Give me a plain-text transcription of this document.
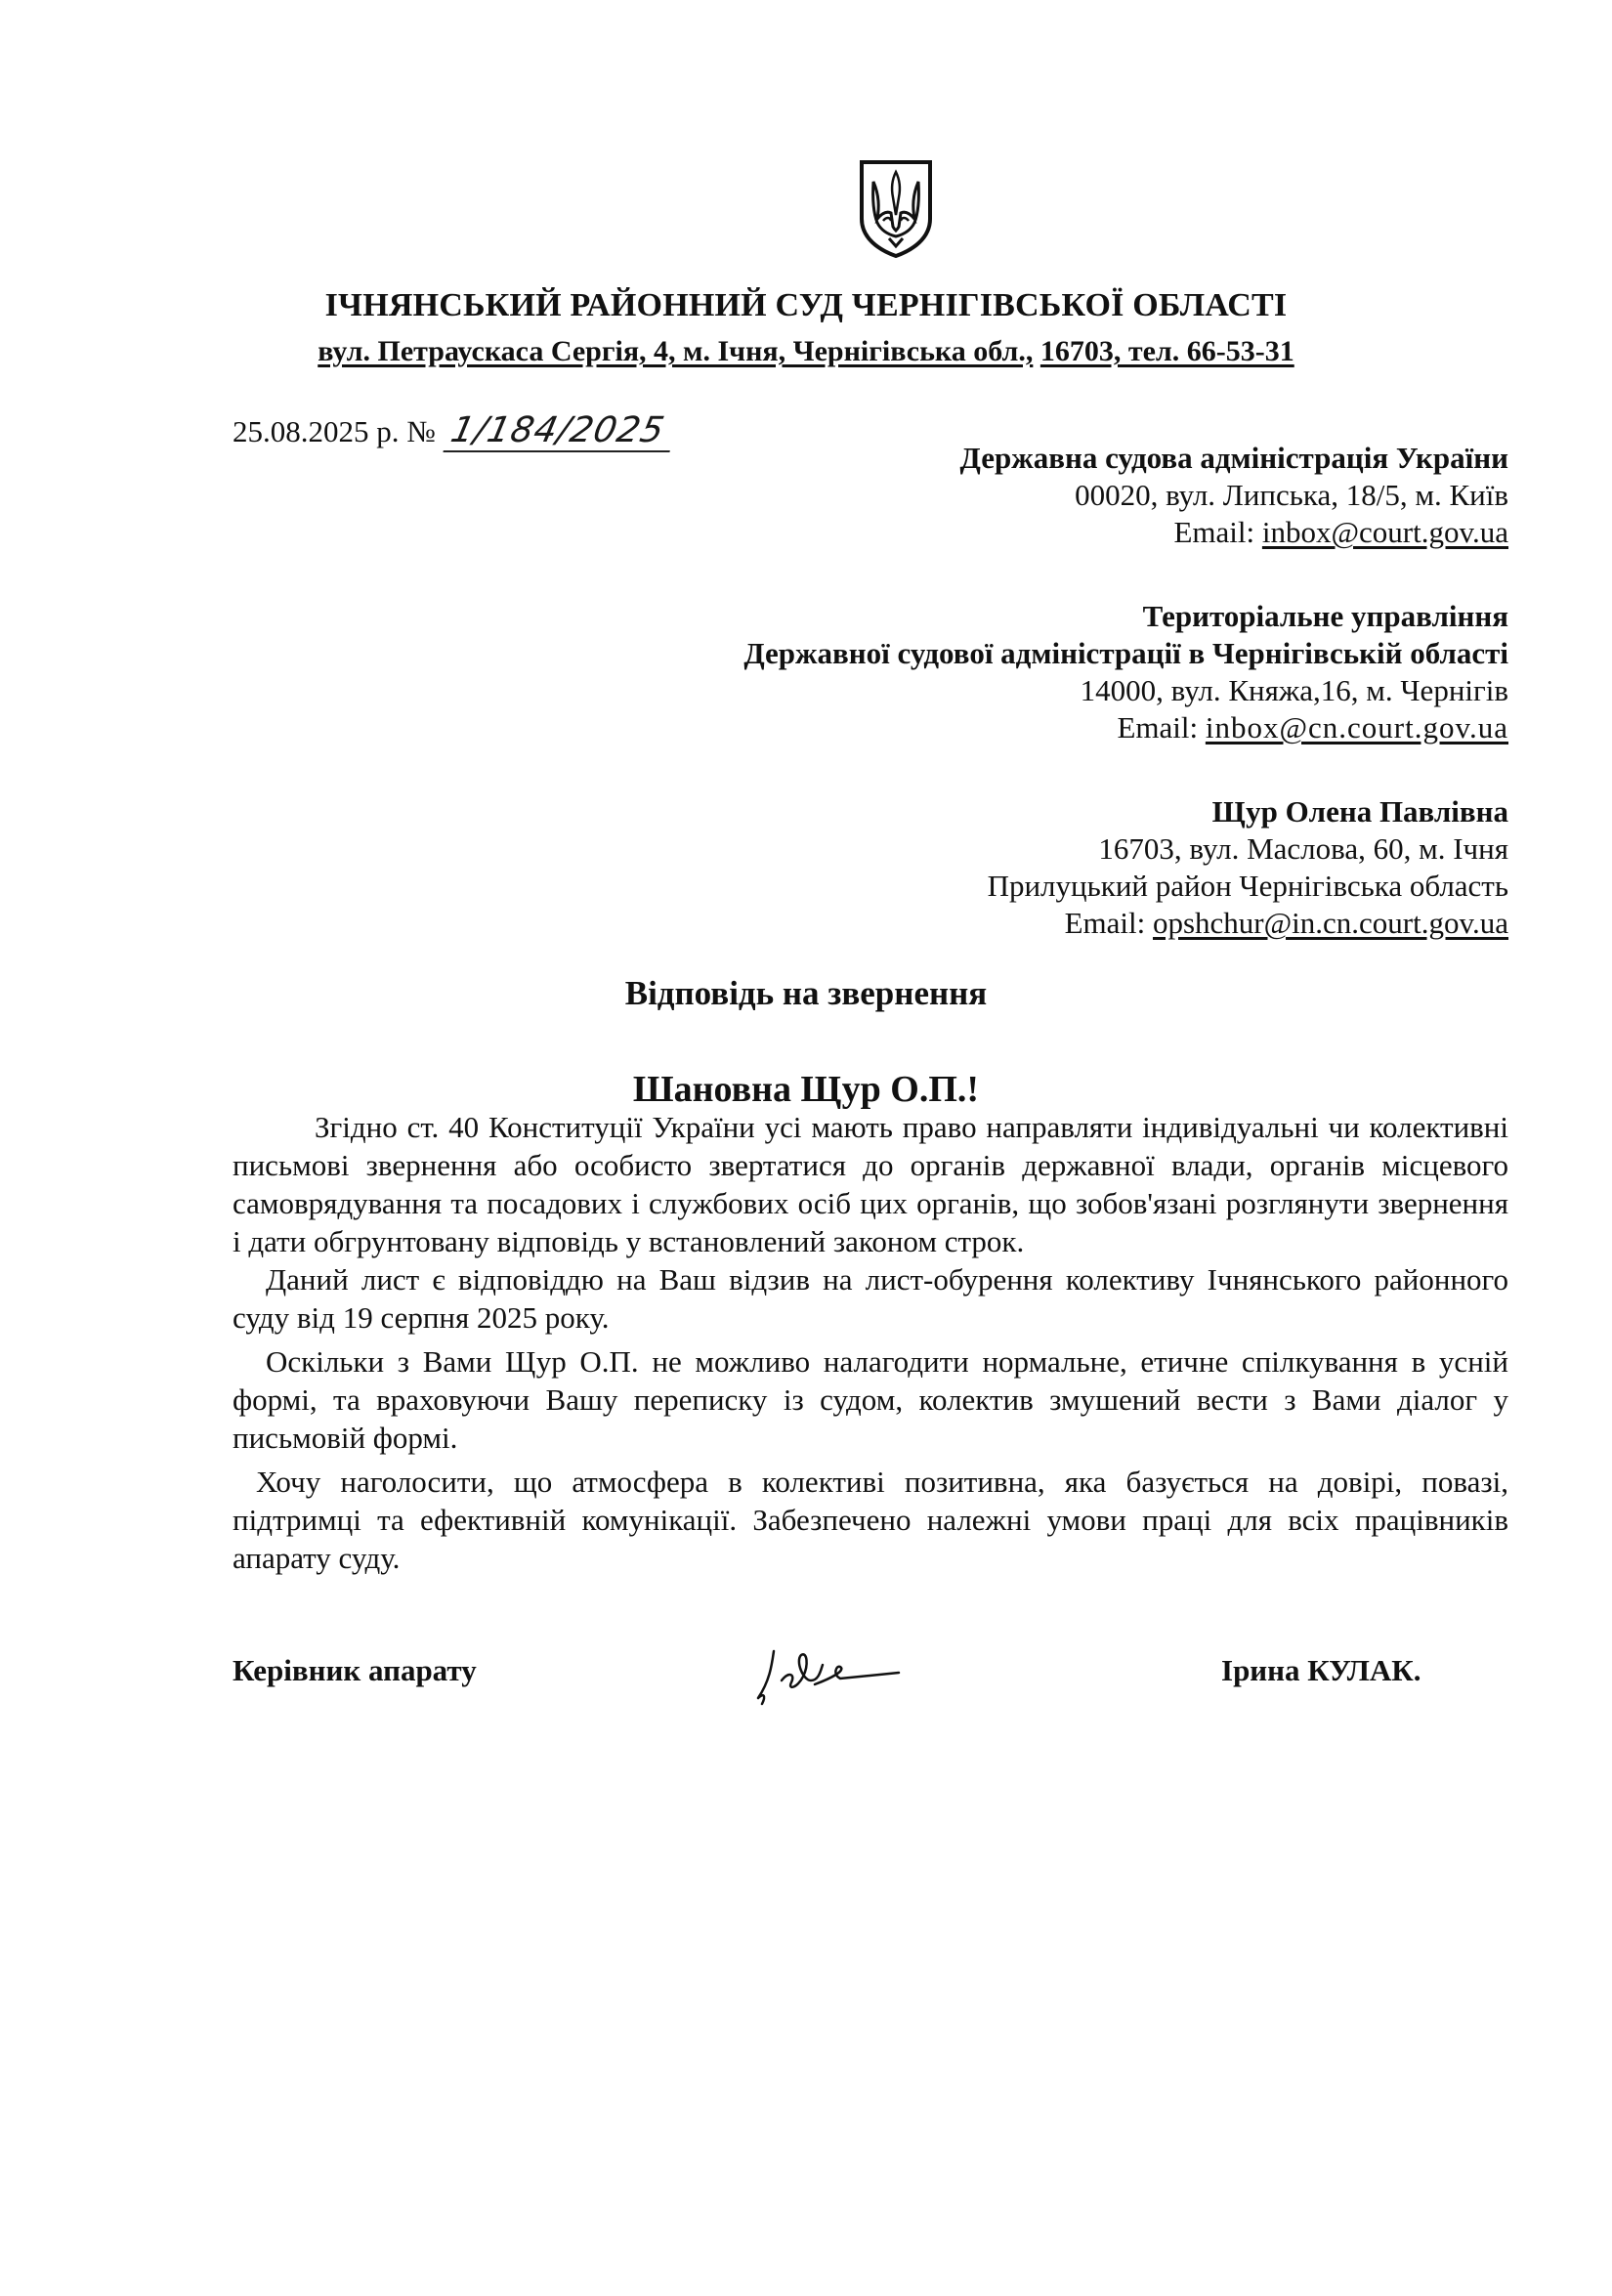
ІЧНЯНСЬКИЙ РАЙОННИЙ СУД ЧЕРНІГІВСЬКОЇ ОБЛАСТІ
вул. Петраускаса Сергія, 4, м. Ічня, Чернігівська обл., 16703, тел. 66-53-31
25.08.2025 р. № 1/184/2025
Державна судова адміністрація України
00020, вул. Липська, 18/5, м. Київ
Email: inbox@court.gov.ua
Територіальне управління
Державної судової адміністрації в Чернігівській області
14000, вул. Княжа,16, м. Чернігів
Email: inbox@cn.court.gov.ua
Щур Олена Павлівна
16703, вул. Маслова, 60, м. Ічня
Прилуцький район Чернігівська область
Email: opshchur@in.cn.court.gov.ua
Відповідь на звернення
Шановна Щур О.П.!

Згідно ст. 40 Конституції України усі мають право направляти індивідуальні чи колективні письмові звернення або особисто звертатися до органів державної влади, органів місцевого самоврядування та посадових і службових осіб цих органів, що зобов'язані розглянути звернення і дати обгрунтовану відповідь у встановлений законом строк.

Даний лист є відповіддю на Ваш відзив на лист-обурення колективу Ічнянського районного суду від 19 серпня 2025 року.

Оскільки з Вами Щур О.П. не можливо налагодити нормальне, етичне спілкування в усній формі, та враховуючи Вашу переписку із судом, колектив змушений вести з Вами діалог у письмовій формі.

Хочу наголосити, що атмосфера в колективі позитивна, яка базується на довірі, повазі, підтримці та ефективній комунікації. Забезпечено належні умови праці для всіх працівників апарату суду.

Керівник апарату	Ірина КУЛАК.
